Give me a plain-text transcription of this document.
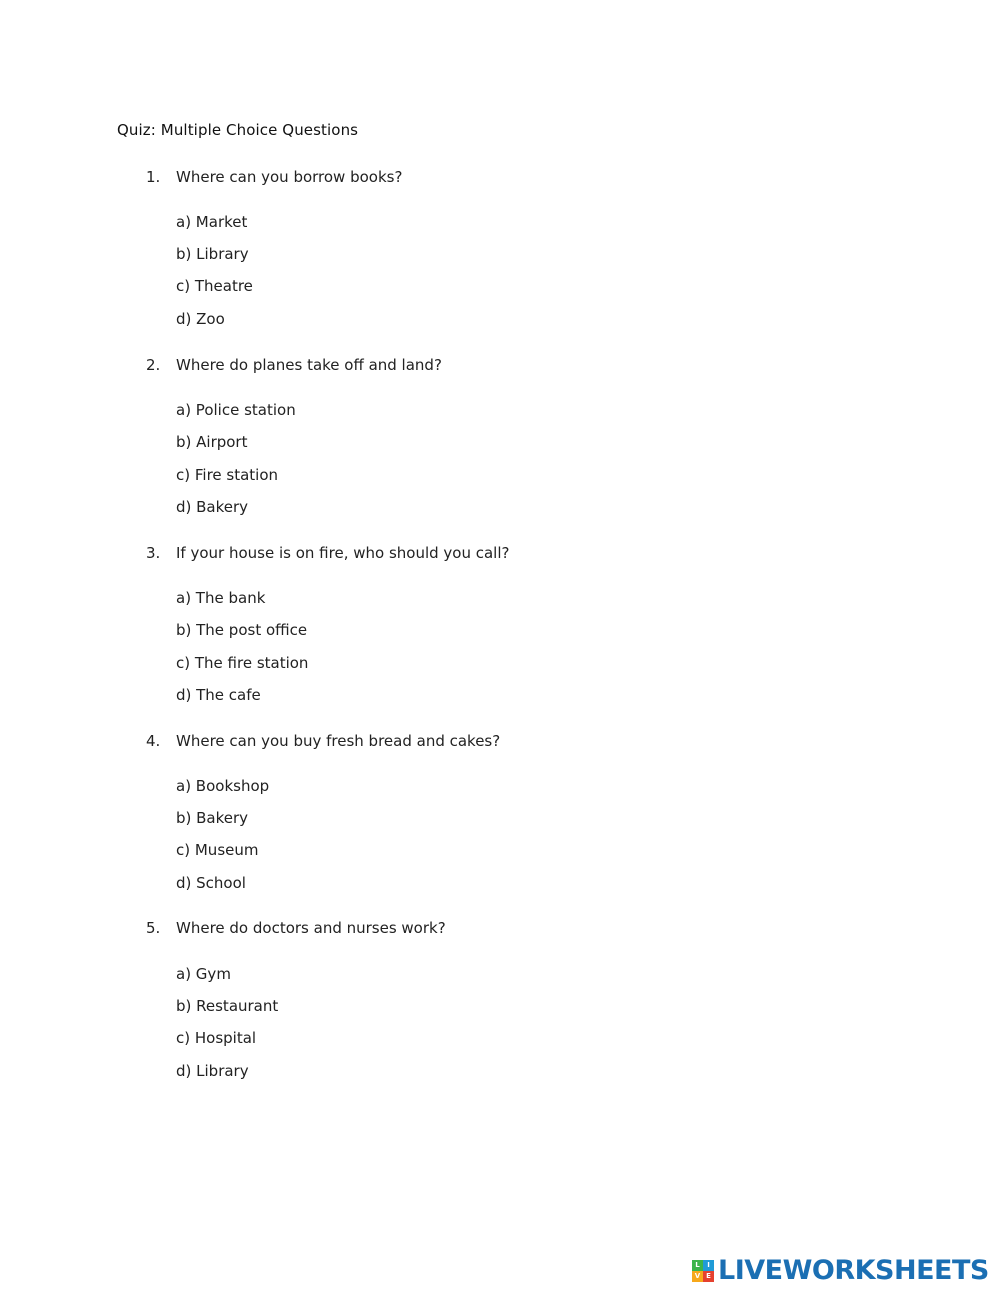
Quiz: Multiple Choice Questions
1.	Where can you borrow books?
a) Market
b) Library
c) Theatre
d) Zoo
2.	Where do planes take off and land?
a) Police station
b) Airport
c) Fire station
d) Bakery
3.	If your house is on fire, who should you call?
a) The bank
b) The post office
c) The fire station
d) The cafe
4.	Where can you buy fresh bread and cakes?
a) Bookshop
b) Bakery
c) Museum
d) School
5.	Where do doctors and nurses work?
a) Gym
b) Restaurant
c) Hospital
d) Library
L	I
V E LIVEWORKSHEETS
